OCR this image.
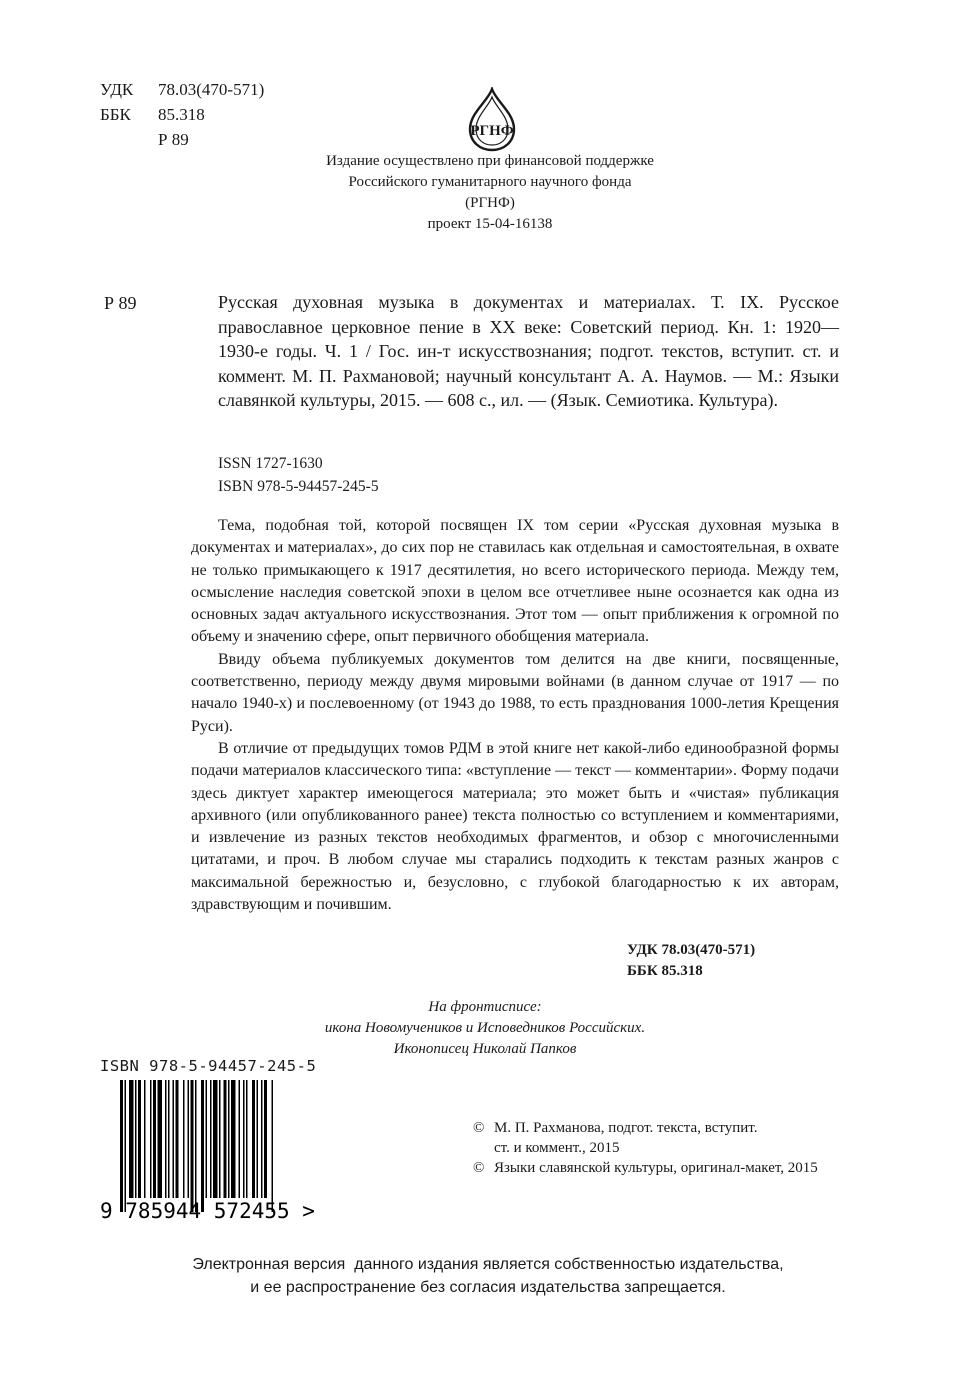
УДК 78.03(470-571)
ББК 85.318
Р 89	РГНФ
Издание осуществлено при финансовой поддержке
Российского гуманитарного научного фонда
(РГНФ)
проект 15-04-16138
Р 89	Русская духовная музыка в документах и материалах. Т. IX. Русское православное церковное пение в XX веке: Советский период. Кн. 1: 1920—1930-е годы. Ч. 1 / Гос. ин-т искусствознания; подгот. текстов, вступит. ст. и коммент. М. П. Рахмановой; научный консультант А. А. Наумов. — М.: Языки славянкой культуры, 2015. — 608 с., ил. — (Язык. Семиотика. Культура).

ISSN 1727-1630
ISBN 978-5-94457-245-5

Тема, подобная той, которой посвящен IX том серии «Русская духовная музыка в документах и материалах», до сих пор не ставилась как отдельная и самостоятельная, в охвате не только примыкающего к 1917 десятилетия, но всего исторического периода. Между тем, осмысление наследия советской эпохи в целом все отчетливее ныне осознается как одна из основных задач актуального искусствознания. Этот том — опыт приближения к огромной по объему и значению сфере, опыт первичного обобщения материала.

Ввиду объема публикуемых документов том делится на две книги, посвященные, соответственно, периоду между двумя мировыми войнами (в данном случае от 1917 — по начало 1940-х) и послевоенному (от 1943 до 1988, то есть празднования 1000-летия Крещения Руси).

В отличие от предыдущих томов РДМ в этой книге нет какой-либо единообразной формы подачи материалов классического типа: «вступление — текст — комментарии». Форму подачи здесь диктует характер имеющегося материала; это может быть и «чистая» публикация архивного (или опубликованного ранее) текста полностью со вступлением и комментариями, и извлечение из разных текстов необходимых фрагментов, и обзор с многочисленными цитатами, и проч. В любом случае мы старались подходить к текстам разных жанров с максимальной бережностью и, безусловно, с глубокой благодарностью к их авторам, здравствующим и почившим.

УДК 78.03(470-571)
ББК 85.318
На фронтисписе:
икона Новомучеников и Исповедников Российских.
Иконописец Николай Папков
ISBN 978-5-94457-245-5
9 785944 572455 >
© М. П. Рахманова, подгот. текста, вступит.
ст. и коммент., 2015
© Языки славянской культуры, оригинал-макет, 2015
Электронная версия  данного издания является собственностью издательства,
и ее распространение без согласия издательства запрещается.
